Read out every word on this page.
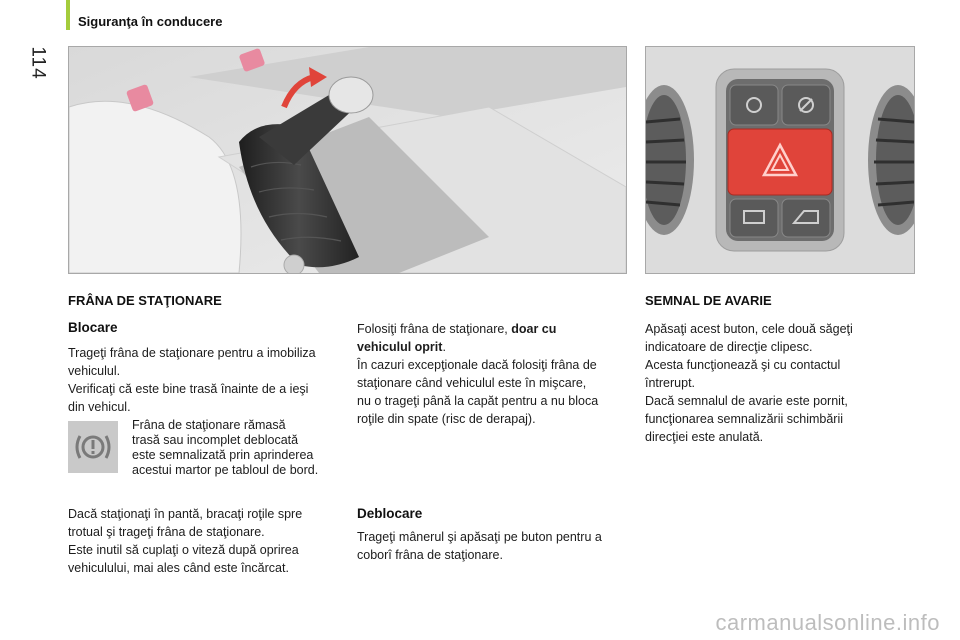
114
Siguranţa în conducere
FRÂNA DE STAŢIONARE
Blocare

Trageţi frâna de staţionare pentru a imobiliza

vehiculul.

Verificaţi că este bine trasă înainte de a ieşi

din vehicul.

Frâna de staţionare rămasă
trasă sau incomplet deblocată
este semnalizată prin aprinderea
acestui martor pe tabloul de bord.

Dacă staţionaţi în pantă, bracaţi roţile spre

trotual şi trageţi frâna de staţionare.

Este inutil să cuplaţi o viteză după oprirea

vehiculului, mai ales când este încărcat.

Folosiţi frâna de staţionare, doar cu

vehiculul oprit.

În cazuri excepţionale dacă folosiţi frâna de

staţionare când vehiculul este în mişcare,

nu o trageţi până la capăt pentru a nu bloca

roţile din spate (risc de derapaj).

Deblocare

Trageţi mânerul şi apăsaţi pe buton pentru a

coborî frâna de staţionare.

SEMNAL DE AVARIE

Apăsaţi acest buton, cele două săgeţi

indicatoare de direcţie clipesc.

Acesta funcţionează şi cu contactul

întrerupt.

Dacă semnalul de avarie este pornit,

funcţionarea semnalizării schimbării

direcţiei este anulată.

carmanualsonline.info
